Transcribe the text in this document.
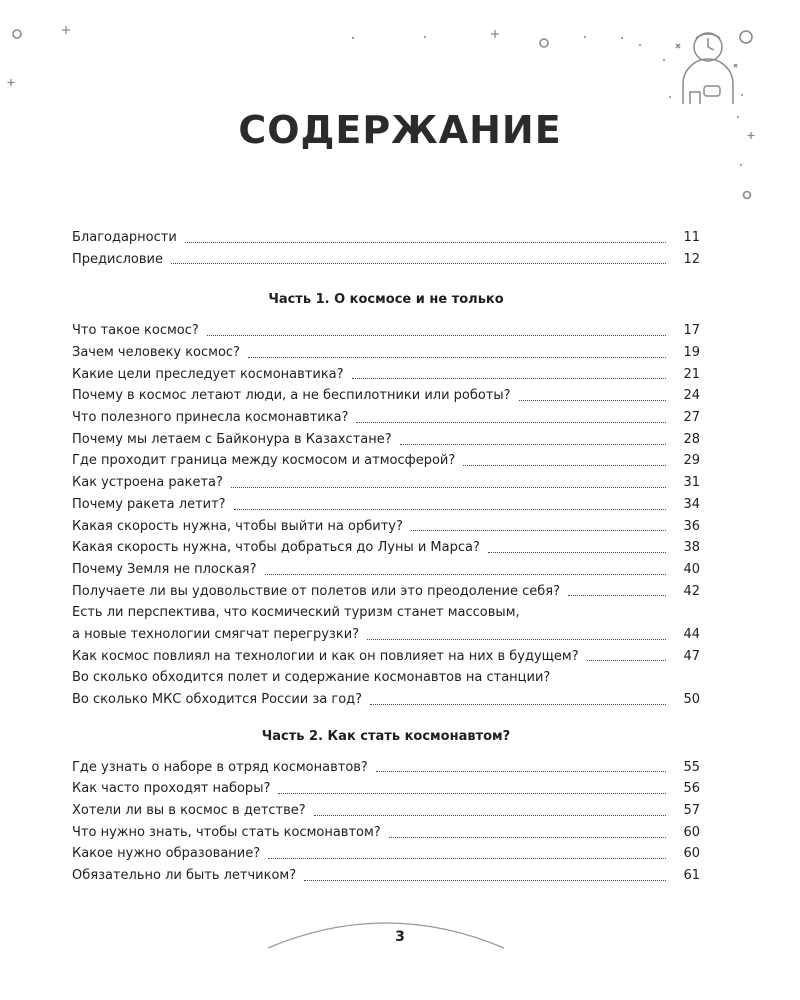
СОДЕРЖАНИЕ
Благодарности	11
Предисловие	12
Часть 1. О космосе и не только
Что такое космос?	17
Зачем человеку космос?	19
Какие цели преследует космонавтика?	21
Почему в космос летают люди, а не беспилотники или роботы?	24
Что полезного принесла космонавтика?	27
Почему мы летаем с Байконура в Казахстане?	28
Где проходит граница между космосом и атмосферой?	29
Как устроена ракета?	31
Почему ракета летит?	34
Какая скорость нужна, чтобы выйти на орбиту?	36
Какая скорость нужна, чтобы добраться до Луны и Марса?	38
Почему Земля не плоская?	40
Получаете ли вы удовольствие от полетов или это преодоление себя?	42
Есть ли перспектива, что космический туризм станет массовым,
а новые технологии смягчат перегрузки?	44
Как космос повлиял на технологии и как он повлияет на них в будущем?	47
Во сколько обходится полет и содержание космонавтов на станции?
Во сколько МКС обходится России за год?	50
Часть 2. Как стать космонавтом?
Где узнать о наборе в отряд космонавтов?	55
Как часто проходят наборы?	56
Хотели ли вы в космос в детстве?	57
Что нужно знать, чтобы стать космонавтом?	60
Какое нужно образование?	60
Обязательно ли быть летчиком?	61
3
